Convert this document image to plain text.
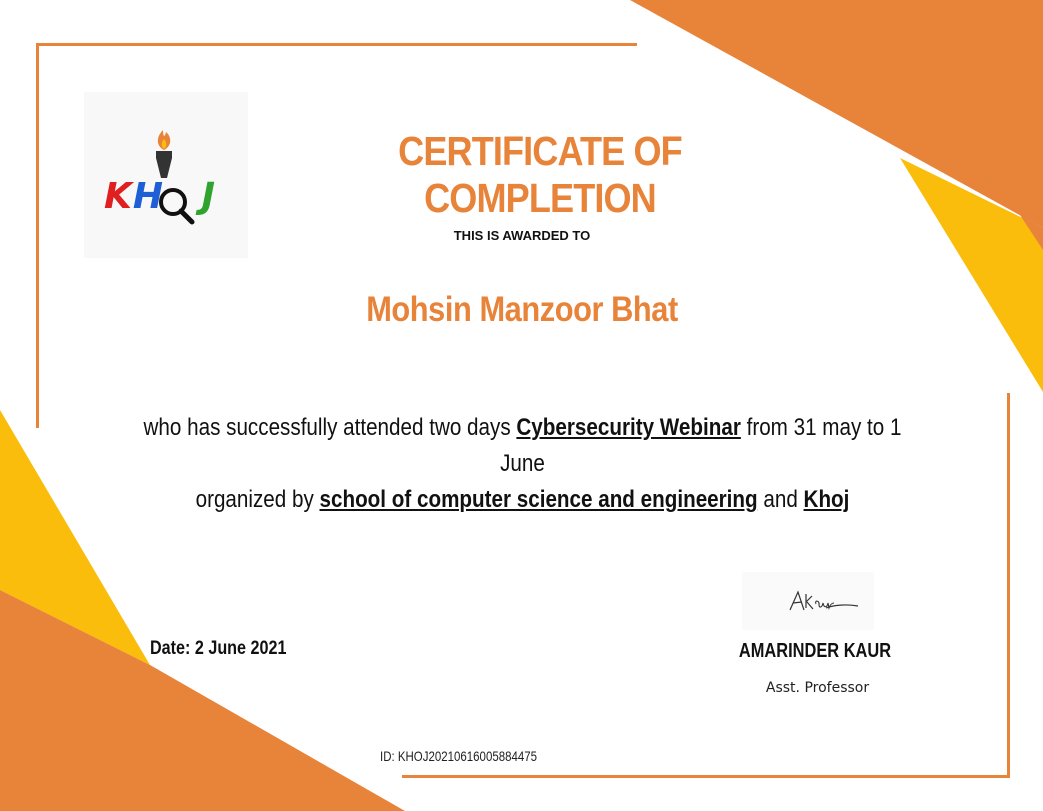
KH J
CERTIFICATE OF COMPLETION
THIS IS AWARDED TO
Mohsin Manzoor Bhat
who has successfully attended two days Cybersecurity Webinar from 31 may to 1 June
organized by school of computer science and engineering and Khoj
Date: 2 June 2021	AMARINDER KAUR
Asst. Professor
ID: KHOJ20210616005884475
